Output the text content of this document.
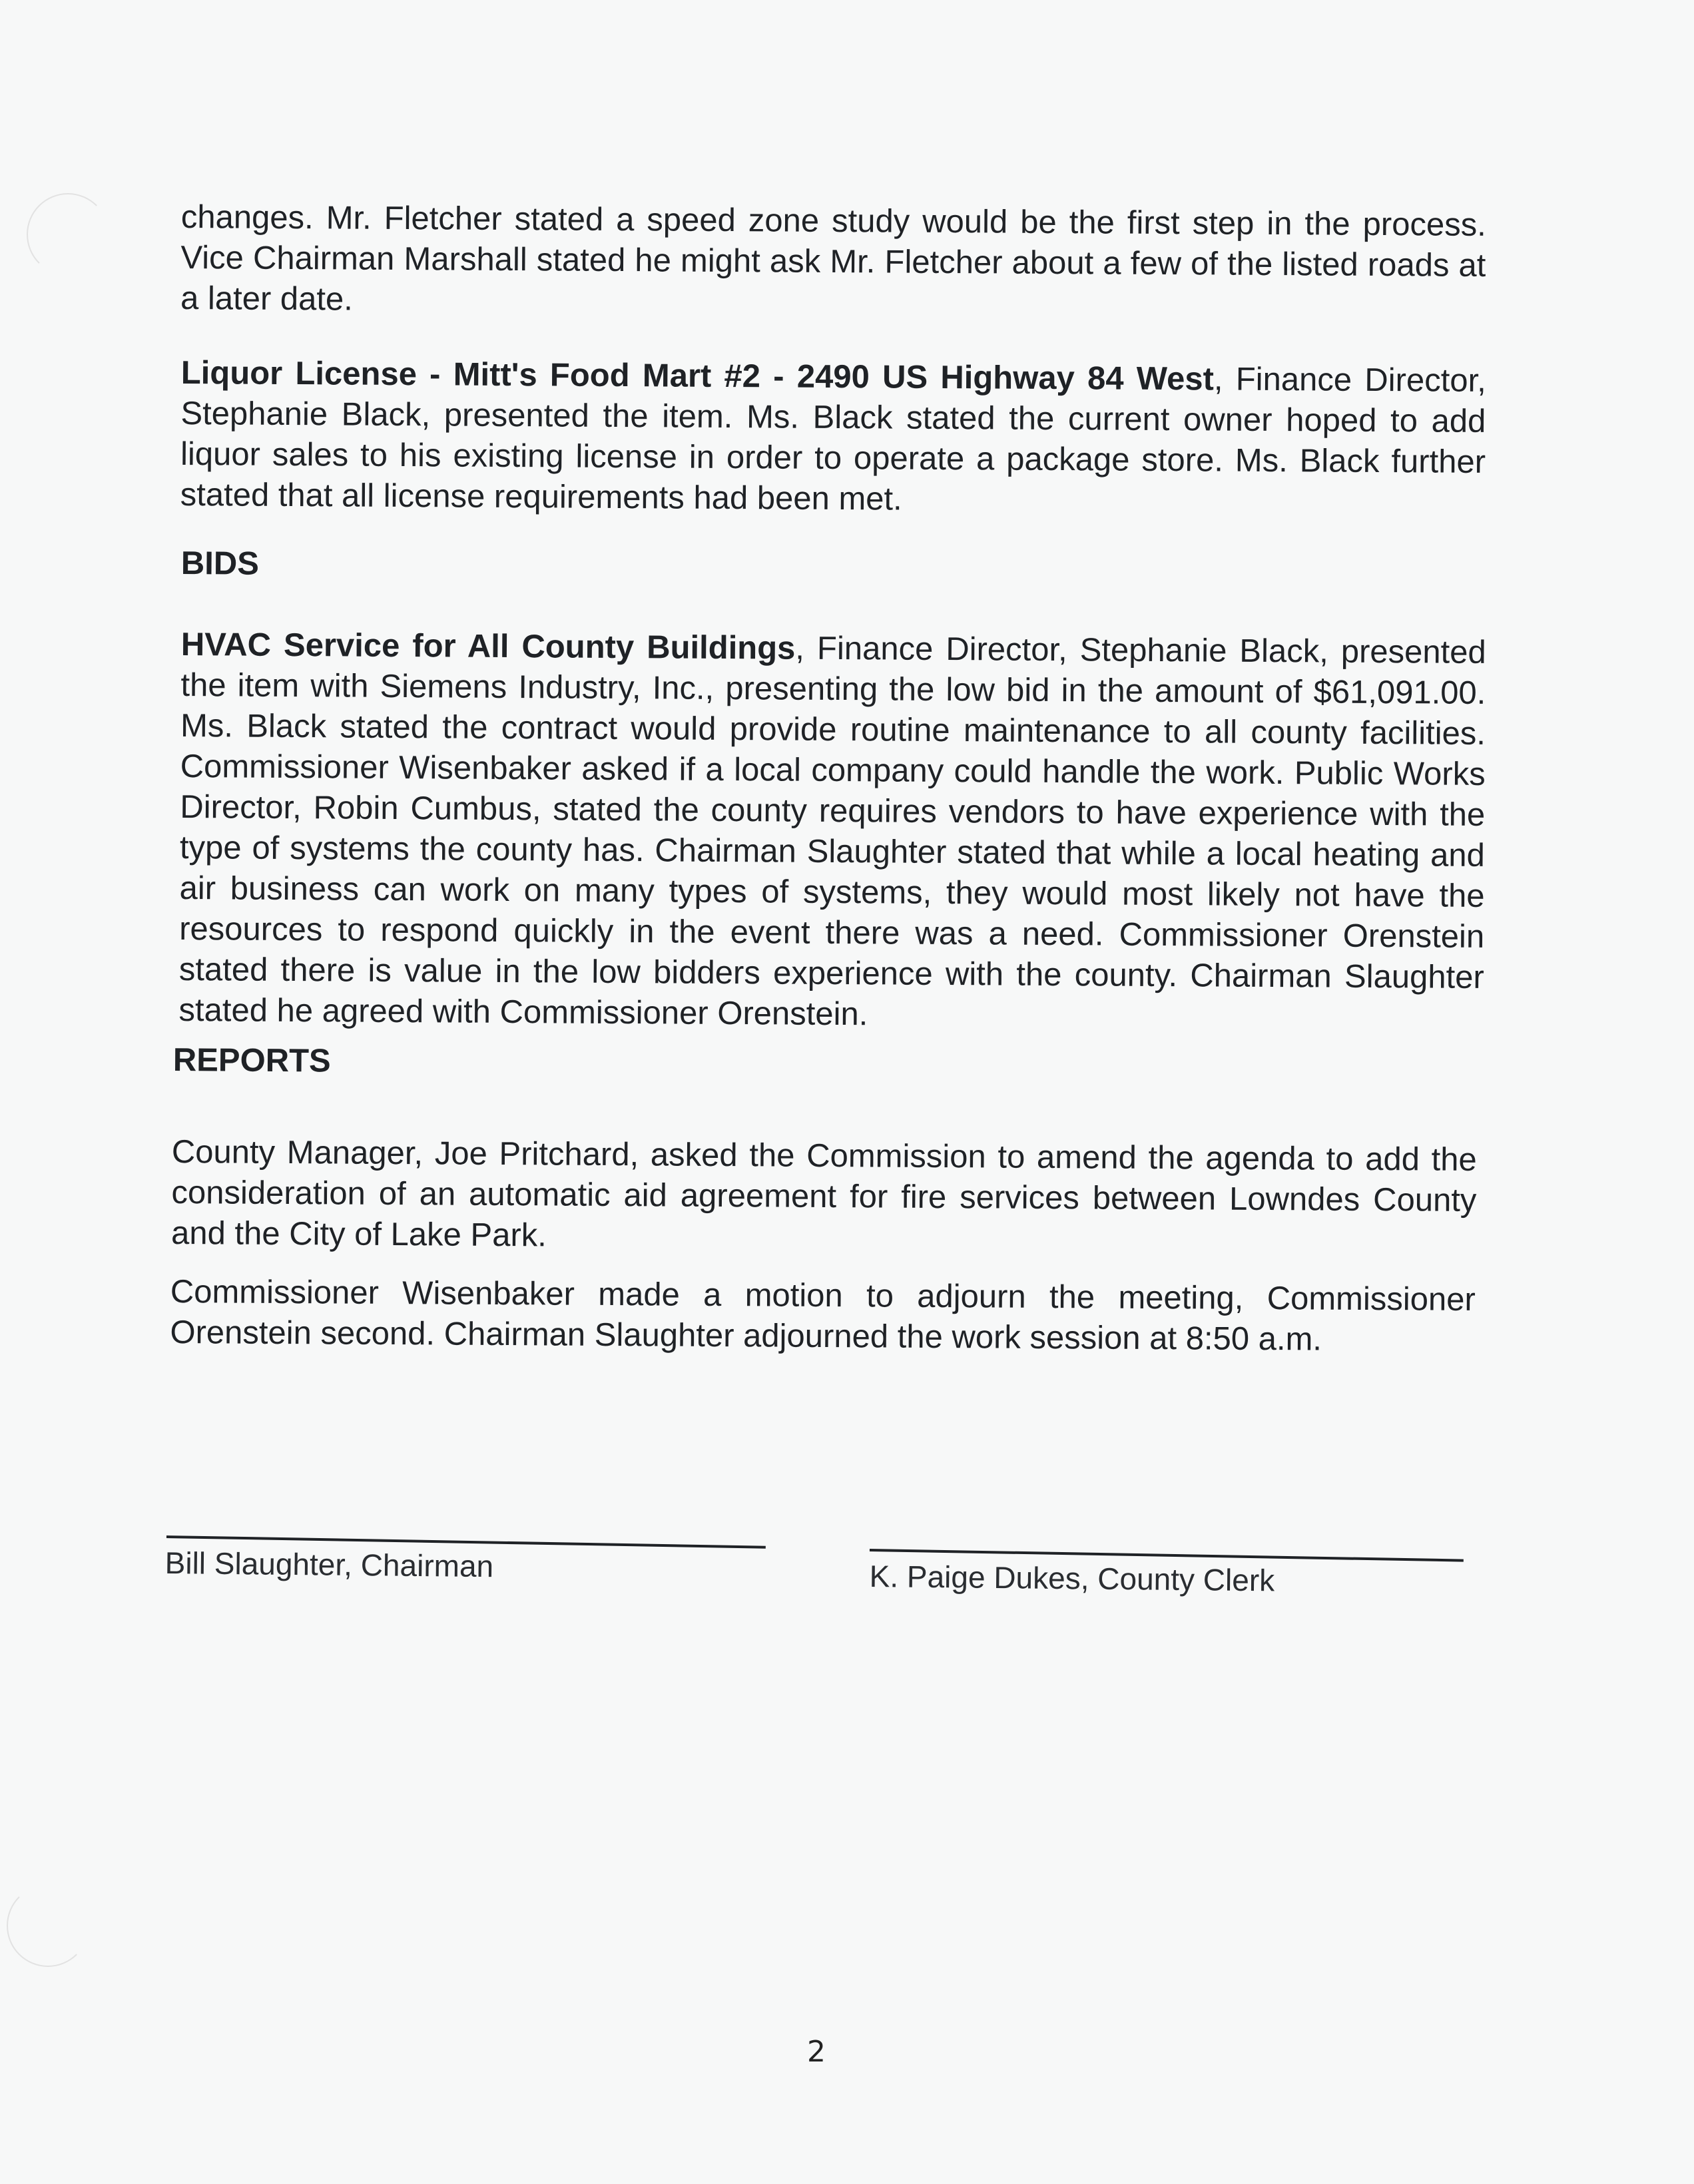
changes. Mr. Fletcher stated a speed zone study would be the first step in the process. Vice Chairman Marshall stated he might ask Mr. Fletcher about a few of the listed roads at a later date.
Liquor License - Mitt's Food Mart #2 - 2490 US Highway 84 West, Finance Director, Stephanie Black, presented the item. Ms. Black stated the current owner hoped to add liquor sales to his existing license in order to operate a package store. Ms. Black further stated that all license requirements had been met.
BIDS
HVAC Service for All County Buildings, Finance Director, Stephanie Black, presented the item with Siemens Industry, Inc., presenting the low bid in the amount of $61,091.00. Ms. Black stated the contract would provide routine maintenance to all county facilities. Commissioner Wisenbaker asked if a local company could handle the work. Public Works Director, Robin Cumbus, stated the county requires vendors to have experience with the type of systems the county has. Chairman Slaughter stated that while a local heating and air business can work on many types of systems, they would most likely not have the resources to respond quickly in the event there was a need. Commissioner Orenstein stated there is value in the low bidders experience with the county. Chairman Slaughter stated he agreed with Commissioner Orenstein.
REPORTS
County Manager, Joe Pritchard, asked the Commission to amend the agenda to add the consideration of an automatic aid agreement for fire services between Lowndes County and the City of Lake Park.
Commissioner Wisenbaker made a motion to adjourn the meeting, Commissioner Orenstein second. Chairman Slaughter adjourned the work session at 8:50 a.m.
Bill Slaughter, Chairman	K. Paige Dukes, County Clerk
2
